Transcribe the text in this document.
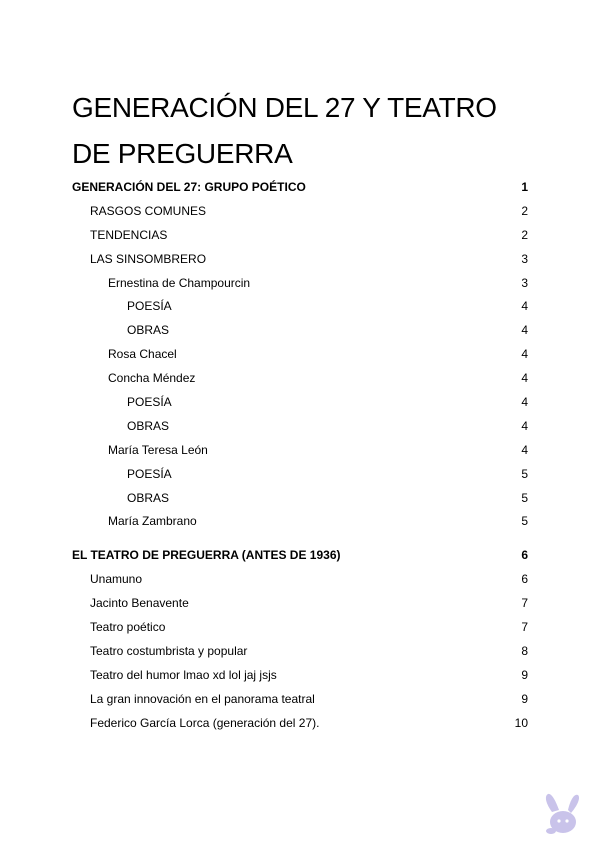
GENERACIÓN DEL 27 Y TEATRO DE PREGUERRA
GENERACIÓN DEL 27: GRUPO POÉTICO	1
RASGOS COMUNES	2
TENDENCIAS	2
LAS SINSOMBRERO	3
Ernestina de Champourcin	3
POESÍA	4
OBRAS	4
Rosa Chacel	4
Concha Méndez	4
POESÍA	4
OBRAS	4
María Teresa León	4
POESÍA	5
OBRAS	5
María Zambrano	5
EL TEATRO DE PREGUERRA (ANTES DE 1936)	6
Unamuno	6
Jacinto Benavente	7
Teatro poético	7
Teatro costumbrista y popular	8
Teatro del humor lmao xd lol jaj jsjs	9
La gran innovación en el panorama teatral	9
Federico García Lorca (generación del 27).	10
